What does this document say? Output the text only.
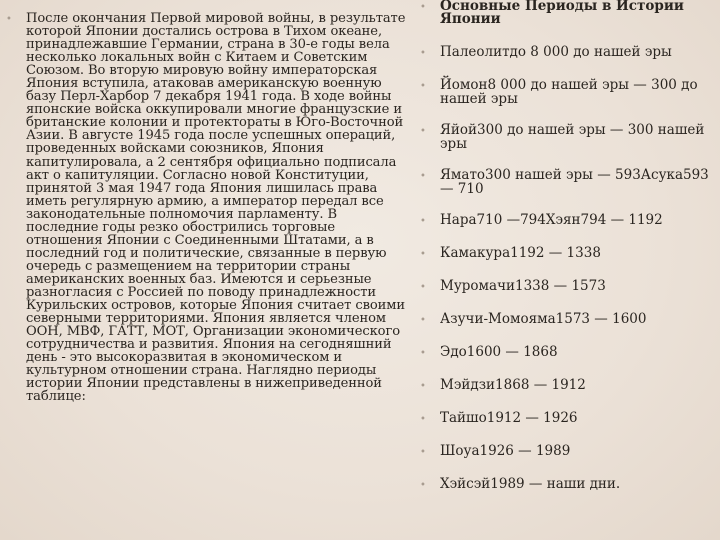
•	После окончания Первой мировой войны, в результате которой Японии достались острова в Тихом океане, принадлежавшие Германии, страна в 30-е годы вела несколько локальных войн с Китаем и Советским Союзом. Во вторую мировую войну императорская Япония вступила, атаковав американскую военную базу Перл-Харбор 7 декабря 1941 года. В ходе войны японские войска оккупировали многие французские и британские колонии и протектораты в Юго-Восточной Азии. В августе 1945 года после успешных операций, проведенных войсками союзников, Япония капитулировала, а 2 сентября официально подписала акт о капитуляции. Согласно новой Конституции, принятой 3 мая 1947 года Япония лишилась права иметь регулярную армию, а император передал все законодательные полномочия парламенту. В последние годы резко обострились торговые отношения Японии с Соединенными Штатами, а в последний год и политические, связанные в первую очередь с размещением на территории страны американских военных баз. Имеются и серьезные разногласия с Россией по поводу принадлежности Курильских островов, которые Япония считает своими северными территориями. Япония является членом ООН, МВФ, ГАТТ, МОТ, Организации экономического сотрудничества и развития. Япония на сегодняшний день - это высокоразвитая в экономическом и культурном отношении страна. Наглядно периоды истории Японии представлены в нижеприведенной таблице:

•	Основные Периоды в Истории Японии
•	Палеолитдо 8 000 до нашей эры
•	Йомон8 000 до нашей эры — 300 до нашей эры
•	Яйой300 до нашей эры — 300 нашей эры
•	Ямато300 нашей эры — 593Асука593 — 710
•	Нара710 —794Хэян794 — 1192
•	Камакура1192 — 1338
•	Муромачи1338 — 1573
•	Азучи-Момояма1573 — 1600
•	Эдо1600 — 1868
•	Мэйдзи1868 — 1912
•	Тайшо1912 — 1926
•	Шоуа1926 — 1989
•	Хэйсэй1989 — наши дни.
